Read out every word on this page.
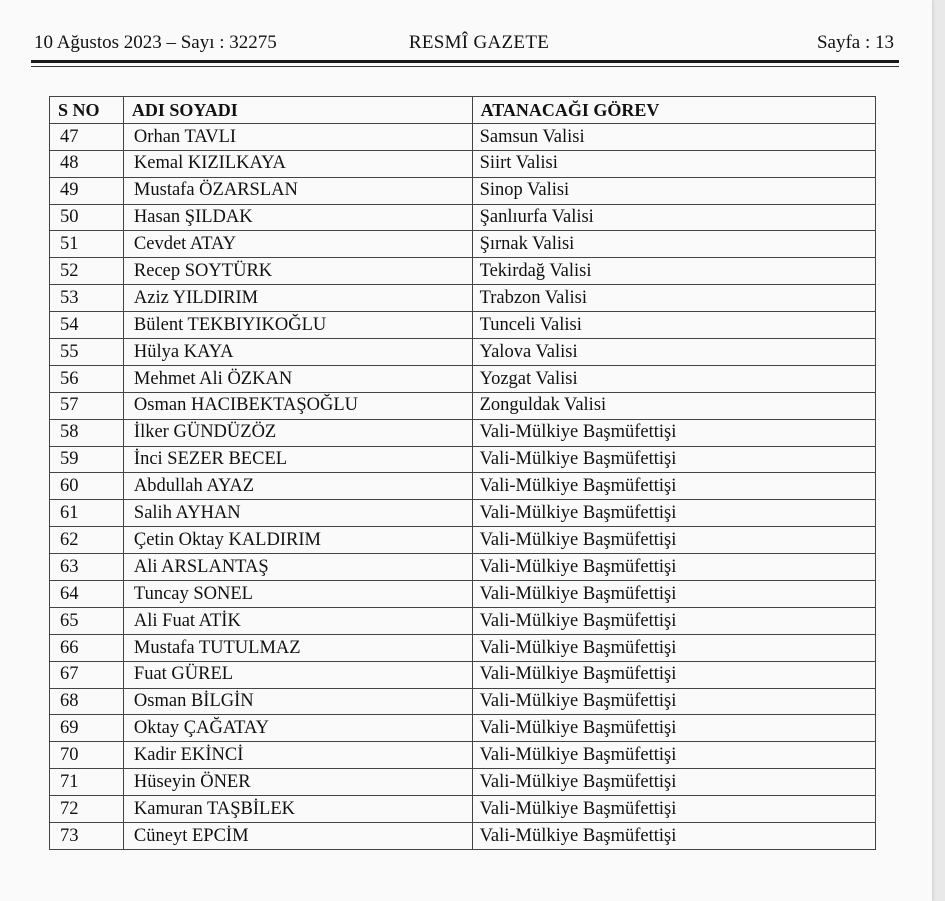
10 Ağustos 2023 – Sayı : 32275	RESMÎ GAZETE	Sayfa : 13
S NO	ADI SOYADI	ATANACAĞI GÖREV
47	Orhan TAVLI	Samsun Valisi
48	Kemal KIZILKAYA	Siirt Valisi
49	Mustafa ÖZARSLAN	Sinop Valisi
50	Hasan ŞILDAK	Şanlıurfa Valisi
51	Cevdet ATAY	Şırnak Valisi
52	Recep SOYTÜRK	Tekirdağ Valisi
53	Aziz YILDIRIM	Trabzon Valisi
54	Bülent TEKBIYIKOĞLU	Tunceli Valisi
55	Hülya KAYA	Yalova Valisi
56	Mehmet Ali ÖZKAN	Yozgat Valisi
57	Osman HACIBEKTAŞOĞLU	Zonguldak Valisi
58	İlker GÜNDÜZÖZ	Vali-Mülkiye Başmüfettişi
59	İnci SEZER BECEL	Vali-Mülkiye Başmüfettişi
60	Abdullah AYAZ	Vali-Mülkiye Başmüfettişi
61	Salih AYHAN	Vali-Mülkiye Başmüfettişi
62	Çetin Oktay KALDIRIM	Vali-Mülkiye Başmüfettişi
63	Ali ARSLANTAŞ	Vali-Mülkiye Başmüfettişi
64	Tuncay SONEL	Vali-Mülkiye Başmüfettişi
65	Ali Fuat ATİK	Vali-Mülkiye Başmüfettişi
66	Mustafa TUTULMAZ	Vali-Mülkiye Başmüfettişi
67	Fuat GÜREL	Vali-Mülkiye Başmüfettişi
68	Osman BİLGİN	Vali-Mülkiye Başmüfettişi
69	Oktay ÇAĞATAY	Vali-Mülkiye Başmüfettişi
70	Kadir EKİNCİ	Vali-Mülkiye Başmüfettişi
71	Hüseyin ÖNER	Vali-Mülkiye Başmüfettişi
72	Kamuran TAŞBİLEK	Vali-Mülkiye Başmüfettişi
73	Cüneyt EPCİM	Vali-Mülkiye Başmüfettişi
